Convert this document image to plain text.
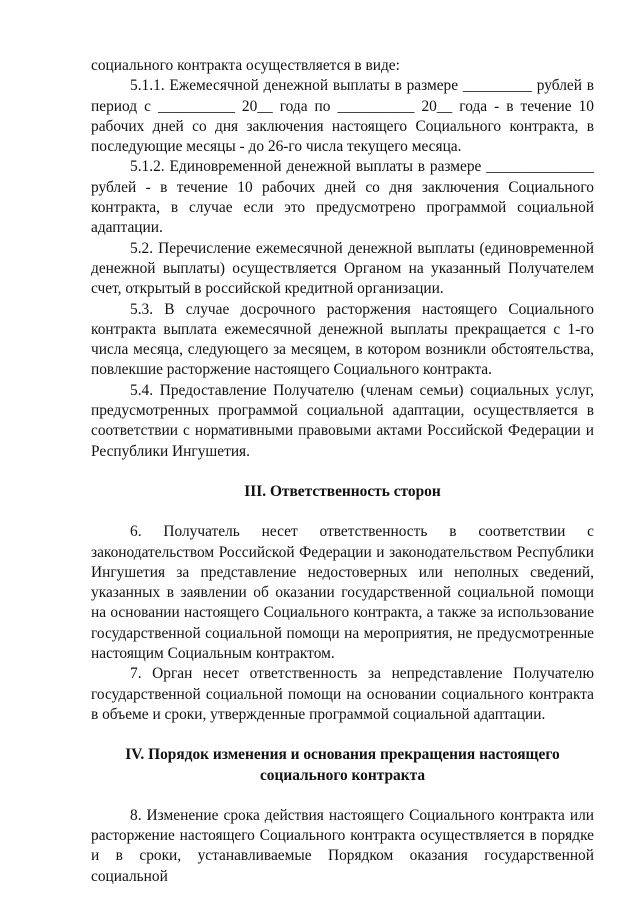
социального контракта осуществляется в виде:

5.1.1. Ежемесячной денежной выплаты в размере _________ рублей в период с __________ 20__ года по __________ 20__ года - в течение 10 рабочих дней со дня заключения настоящего Социального контракта, в последующие месяцы - до 26-го числа текущего месяца.

5.1.2. Единовременной денежной выплаты в размере ______________ рублей - в течение 10 рабочих дней со дня заключения Социального контракта, в случае если это предусмотрено программой социальной адаптации.

5.2. Перечисление ежемесячной денежной выплаты (единовременной денежной выплаты) осуществляется Органом на указанный Получателем счет, открытый в российской кредитной организации.

5.3. В случае досрочного расторжения настоящего Социального контракта выплата ежемесячной денежной выплаты прекращается с 1-го числа месяца, следующего за месяцем, в котором возникли обстоятельства, повлекшие расторжение настоящего Социального контракта.

5.4. Предоставление Получателю (членам семьи) социальных услуг, предусмотренных программой социальной адаптации, осуществляется в соответствии с нормативными правовыми актами Российской Федерации и Республики Ингушетия.

III. Ответственность сторон

6. Получатель несет ответственность в соответствии с

законодательством Российской Федерации и законодательством Республики Ингушетия за представление недостоверных или неполных сведений, указанных в заявлении об оказании государственной социальной помощи на основании настоящего Социального контракта, а также за использование государственной социальной помощи на мероприятия, не предусмотренные настоящим Социальным контрактом.

7. Орган несет ответственность за непредставление Получателю государственной социальной помощи на основании социального контракта в объеме и сроки, утвержденные программой социальной адаптации.

IV. Порядок изменения и основания прекращения настоящего

социального контракта

8. Изменение срока действия настоящего Социального контракта или расторжение настоящего Социального контракта осуществляется в порядке и в сроки, устанавливаемые Порядком оказания государственной социальной
